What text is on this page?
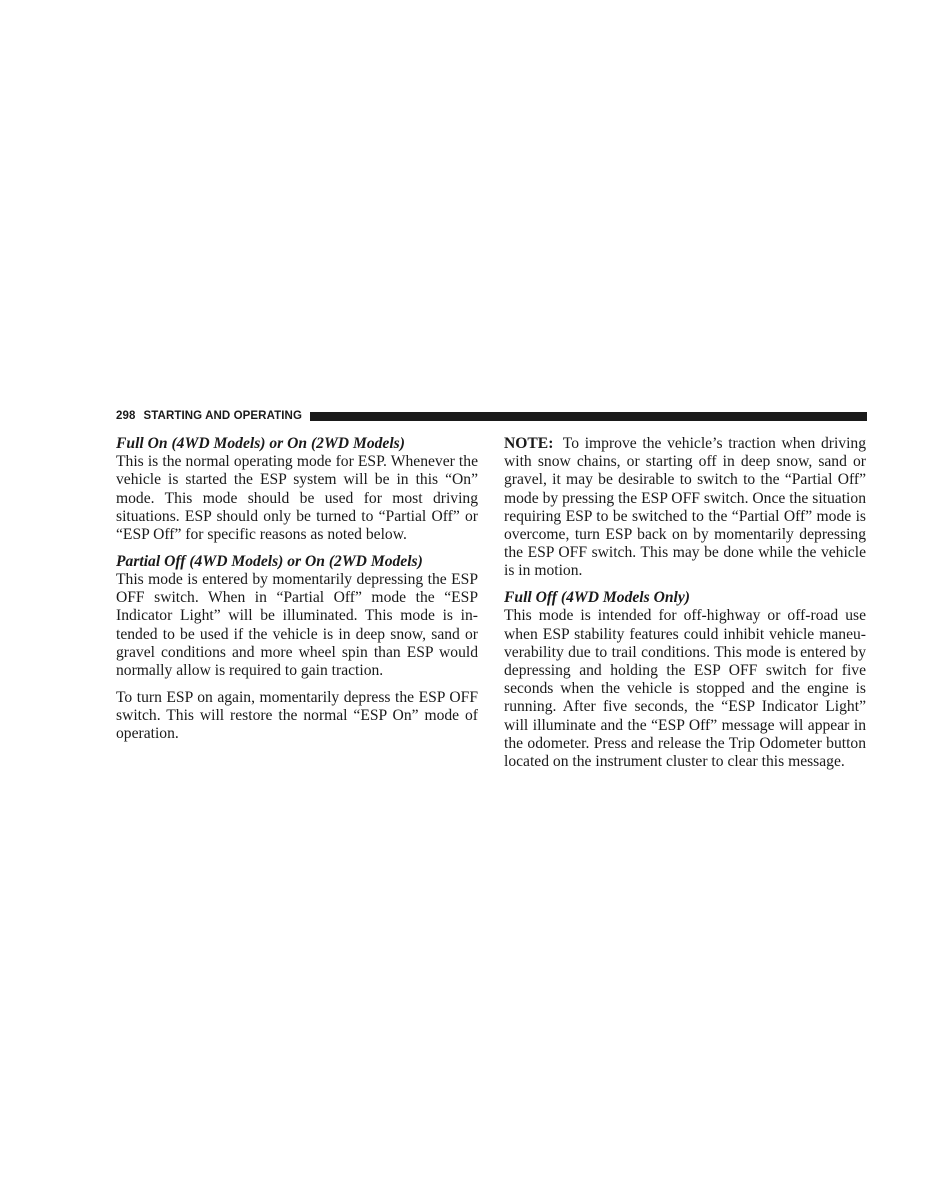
298 STARTING AND OPERATING

Full On (4WD Models) or On (2WD Models)

This is the normal operating mode for ESP. Whenever the vehicle is started the ESP system will be in this “On” mode. This mode should be used for most driving situations. ESP should only be turned to “Partial Off” or “ESP Off” for specific reasons as noted below.

Partial Off (4WD Models) or On (2WD Models)

This mode is entered by momentarily depressing the ESP OFF switch. When in “Partial Off” mode the “ESP Indicator Light” will be illuminated. This mode is intended to be used if the vehicle is in deep snow, sand or gravel conditions and more wheel spin than ESP would normally allow is required to gain traction.

To turn ESP on again, momentarily depress the ESP OFF switch. This will restore the normal “ESP On” mode of operation.

NOTE: To improve the vehicle’s traction when driving with snow chains, or starting off in deep snow, sand or gravel, it may be desirable to switch to the “Partial Off” mode by pressing the ESP OFF switch. Once the situation requiring ESP to be switched to the “Partial Off” mode is overcome, turn ESP back on by momentarily depressing the ESP OFF switch. This may be done while the vehicle is in motion.

Full Off (4WD Models Only)

This mode is intended for off-highway or off-road use when ESP stability features could inhibit vehicle maneuverability due to trail conditions. This mode is entered by depressing and holding the ESP OFF switch for five seconds when the vehicle is stopped and the engine is running. After five seconds, the “ESP Indicator Light” will illuminate and the “ESP Off” message will appear in the odometer. Press and release the Trip Odometer button located on the instrument cluster to clear this message.
